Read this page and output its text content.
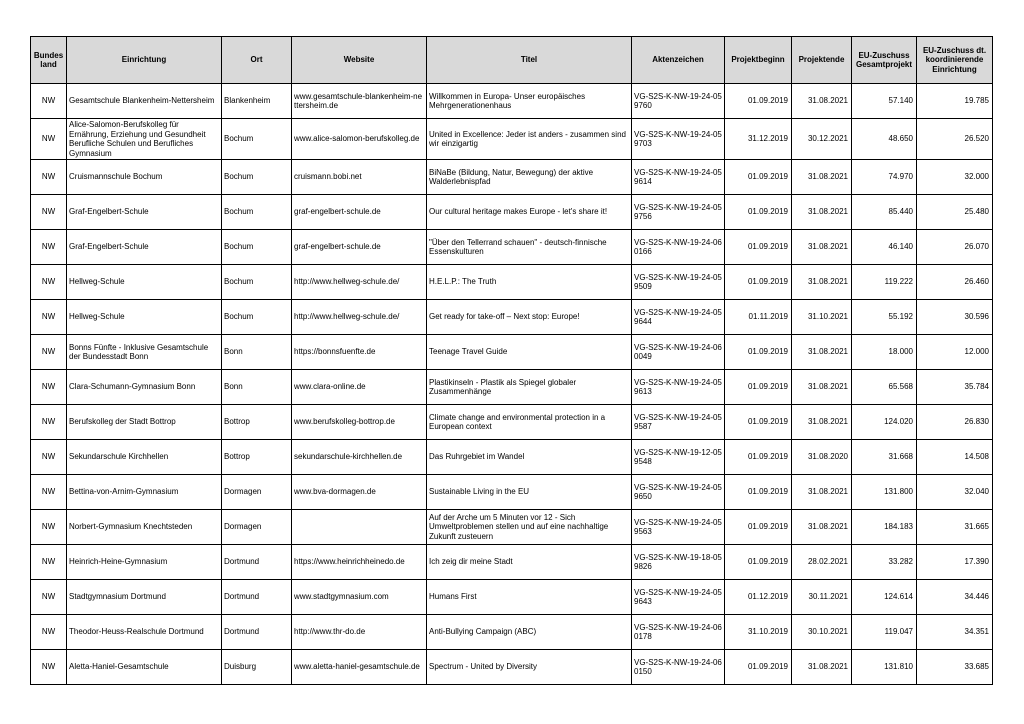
Bundes land	Einrichtung	Ort	Website	Titel	Aktenzeichen	Projektbeginn	Projektende	EU-Zuschuss Gesamtprojekt	EU-Zuschuss dt. koordinierende Einrichtung
NW	Gesamtschule Blankenheim-Nettersheim	Blankenheim	www.gesamtschule-blankenheim-nettersheim.de	Willkommen in Europa- Unser europäisches Mehrgenerationenhaus	VG-S2S-K-NW-19-24-059760	01.09.2019	31.08.2021	57.140	19.785
NW	Alice-Salomon-Berufskolleg für Ernährung, Erziehung und Gesundheit Berufliche Schulen und Berufliches Gymnasium	Bochum	www.alice-salomon-berufskolleg.de	United in Excellence: Jeder ist anders - zusammen sind wir einzigartig	VG-S2S-K-NW-19-24-059703	31.12.2019	30.12.2021	48.650	26.520
NW	Cruismannschule Bochum	Bochum	cruismann.bobi.net	BiNaBe (Bildung, Natur, Bewegung) der aktive Walderlebnispfad	VG-S2S-K-NW-19-24-059614	01.09.2019	31.08.2021	74.970	32.000
NW	Graf-Engelbert-Schule	Bochum	graf-engelbert-schule.de	Our cultural heritage makes Europe - let's share it!	VG-S2S-K-NW-19-24-059756	01.09.2019	31.08.2021	85.440	25.480
NW	Graf-Engelbert-Schule	Bochum	graf-engelbert-schule.de	"Über den Tellerrand schauen" - deutsch-finnische Essenskulturen	VG-S2S-K-NW-19-24-060166	01.09.2019	31.08.2021	46.140	26.070
NW	Hellweg-Schule	Bochum	http://www.hellweg-schule.de/	H.E.L.P.: The Truth	VG-S2S-K-NW-19-24-059509	01.09.2019	31.08.2021	119.222	26.460
NW	Hellweg-Schule	Bochum	http://www.hellweg-schule.de/	Get ready for take-off – Next stop: Europe!	VG-S2S-K-NW-19-24-059644	01.11.2019	31.10.2021	55.192	30.596
NW	Bonns Fünfte - Inklusive Gesamtschule der Bundesstadt Bonn	Bonn	https://bonnsfuenfte.de	Teenage Travel Guide	VG-S2S-K-NW-19-24-060049	01.09.2019	31.08.2021	18.000	12.000
NW	Clara-Schumann-Gymnasium Bonn	Bonn	www.clara-online.de	Plastikinseln - Plastik als Spiegel globaler Zusammenhänge	VG-S2S-K-NW-19-24-059613	01.09.2019	31.08.2021	65.568	35.784
NW	Berufskolleg der Stadt Bottrop	Bottrop	www.berufskolleg-bottrop.de	Climate change and environmental protection in a European context	VG-S2S-K-NW-19-24-059587	01.09.2019	31.08.2021	124.020	26.830
NW	Sekundarschule Kirchhellen	Bottrop	sekundarschule-kirchhellen.de	Das Ruhrgebiet im Wandel	VG-S2S-K-NW-19-12-059548	01.09.2019	31.08.2020	31.668	14.508
NW	Bettina-von-Arnim-Gymnasium	Dormagen	www.bva-dormagen.de	Sustainable Living in the EU	VG-S2S-K-NW-19-24-059650	01.09.2019	31.08.2021	131.800	32.040
NW	Norbert-Gymnasium Knechtsteden	Dormagen		Auf der Arche um 5 Minuten vor 12 - Sich Umweltproblemen stellen und auf eine nachhaltige Zukunft zusteuern	VG-S2S-K-NW-19-24-059563	01.09.2019	31.08.2021	184.183	31.665
NW	Heinrich-Heine-Gymnasium	Dortmund	https://www.heinrichheinedo.de	Ich zeig dir meine Stadt	VG-S2S-K-NW-19-18-059826	01.09.2019	28.02.2021	33.282	17.390
NW	Stadtgymnasium Dortmund	Dortmund	www.stadtgymnasium.com	Humans First	VG-S2S-K-NW-19-24-059643	01.12.2019	30.11.2021	124.614	34.446
NW	Theodor-Heuss-Realschule Dortmund	Dortmund	http://www.thr-do.de	Anti-Bullying Campaign (ABC)	VG-S2S-K-NW-19-24-060178	31.10.2019	30.10.2021	119.047	34.351
NW	Aletta-Haniel-Gesamtschule	Duisburg	www.aletta-haniel-gesamtschule.de	Spectrum - United by Diversity	VG-S2S-K-NW-19-24-060150	01.09.2019	31.08.2021	131.810	33.685
